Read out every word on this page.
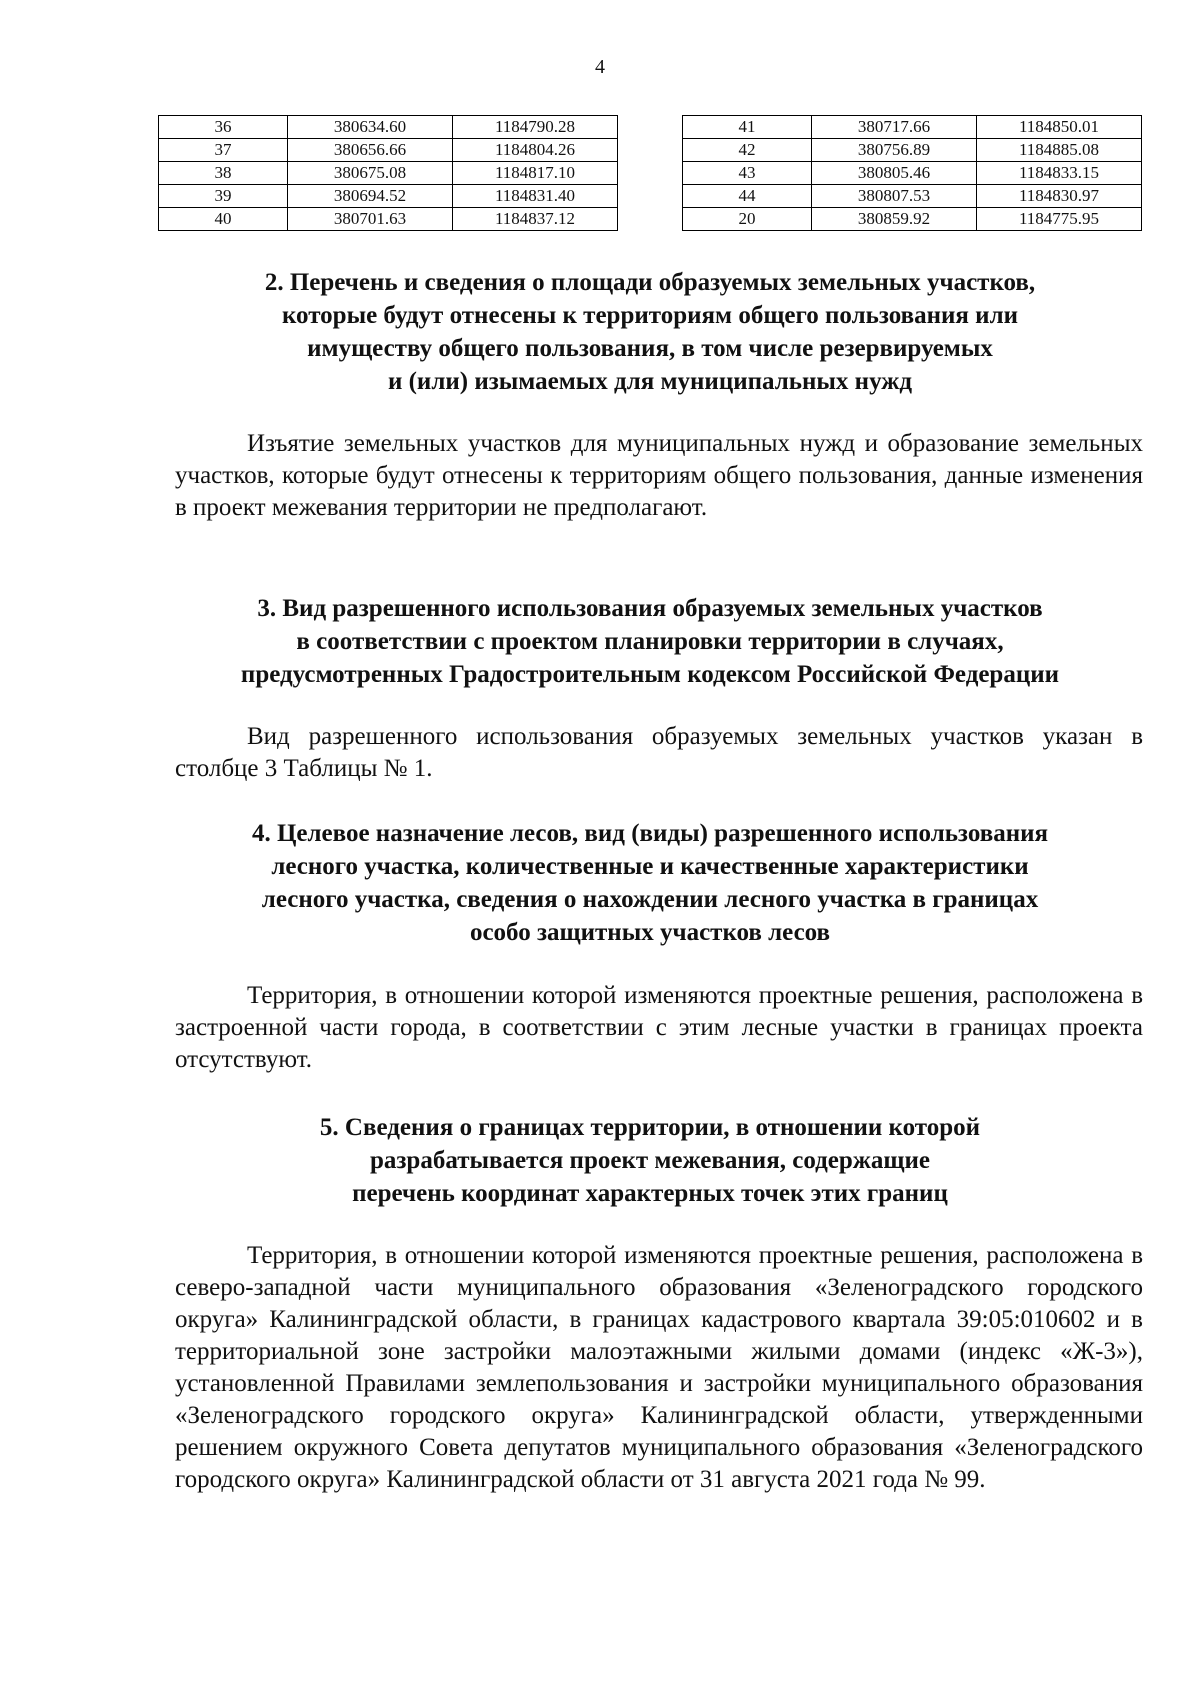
4
36	380634.60	1184790.28
37	380656.66	1184804.26
38	380675.08	1184817.10
39	380694.52	1184831.40
40	380701.63	1184837.12
41	380717.66	1184850.01
42	380756.89	1184885.08
43	380805.46	1184833.15
44	380807.53	1184830.97
20	380859.92	1184775.95
2. Перечень и сведения о площади образуемых земельных участков,
которые будут отнесены к территориям общего пользования или
имуществу общего пользования, в том числе резервируемых
и (или) изымаемых для муниципальных нужд
Изъятие земельных участков для муниципальных нужд и образование земельных участков, которые будут отнесены к территориям общего пользования, данные изменения в проект межевания территории не предполагают.
3. Вид разрешенного использования образуемых земельных участков
в соответствии с проектом планировки территории в случаях,
предусмотренных Градостроительным кодексом Российской Федерации
Вид разрешенного использования образуемых земельных участков указан в столбце 3 Таблицы № 1.
4. Целевое назначение лесов, вид (виды) разрешенного использования
лесного участка, количественные и качественные характеристики
лесного участка, сведения о нахождении лесного участка в границах
особо защитных участков лесов
Территория, в отношении которой изменяются проектные решения, расположена в застроенной части города, в соответствии с этим лесные участки в границах проекта отсутствуют.
5. Сведения о границах территории, в отношении которой
разрабатывается проект межевания, содержащие
перечень координат характерных точек этих границ
Территория, в отношении которой изменяются проектные решения, расположена в северо-западной части муниципального образования «Зеленоградского городского округа» Калининградской области, в границах кадастрового квартала 39:05:010602 и в территориальной зоне застройки малоэтажными жилыми домами (индекс «Ж-3»), установленной Правилами землепользования и застройки муниципального образования «Зеленоградского городского округа» Калининградской области, утвержденными решением окружного Совета депутатов муниципального образования «Зеленоградского городского округа» Калининградской области от 31 августа 2021 года № 99.
